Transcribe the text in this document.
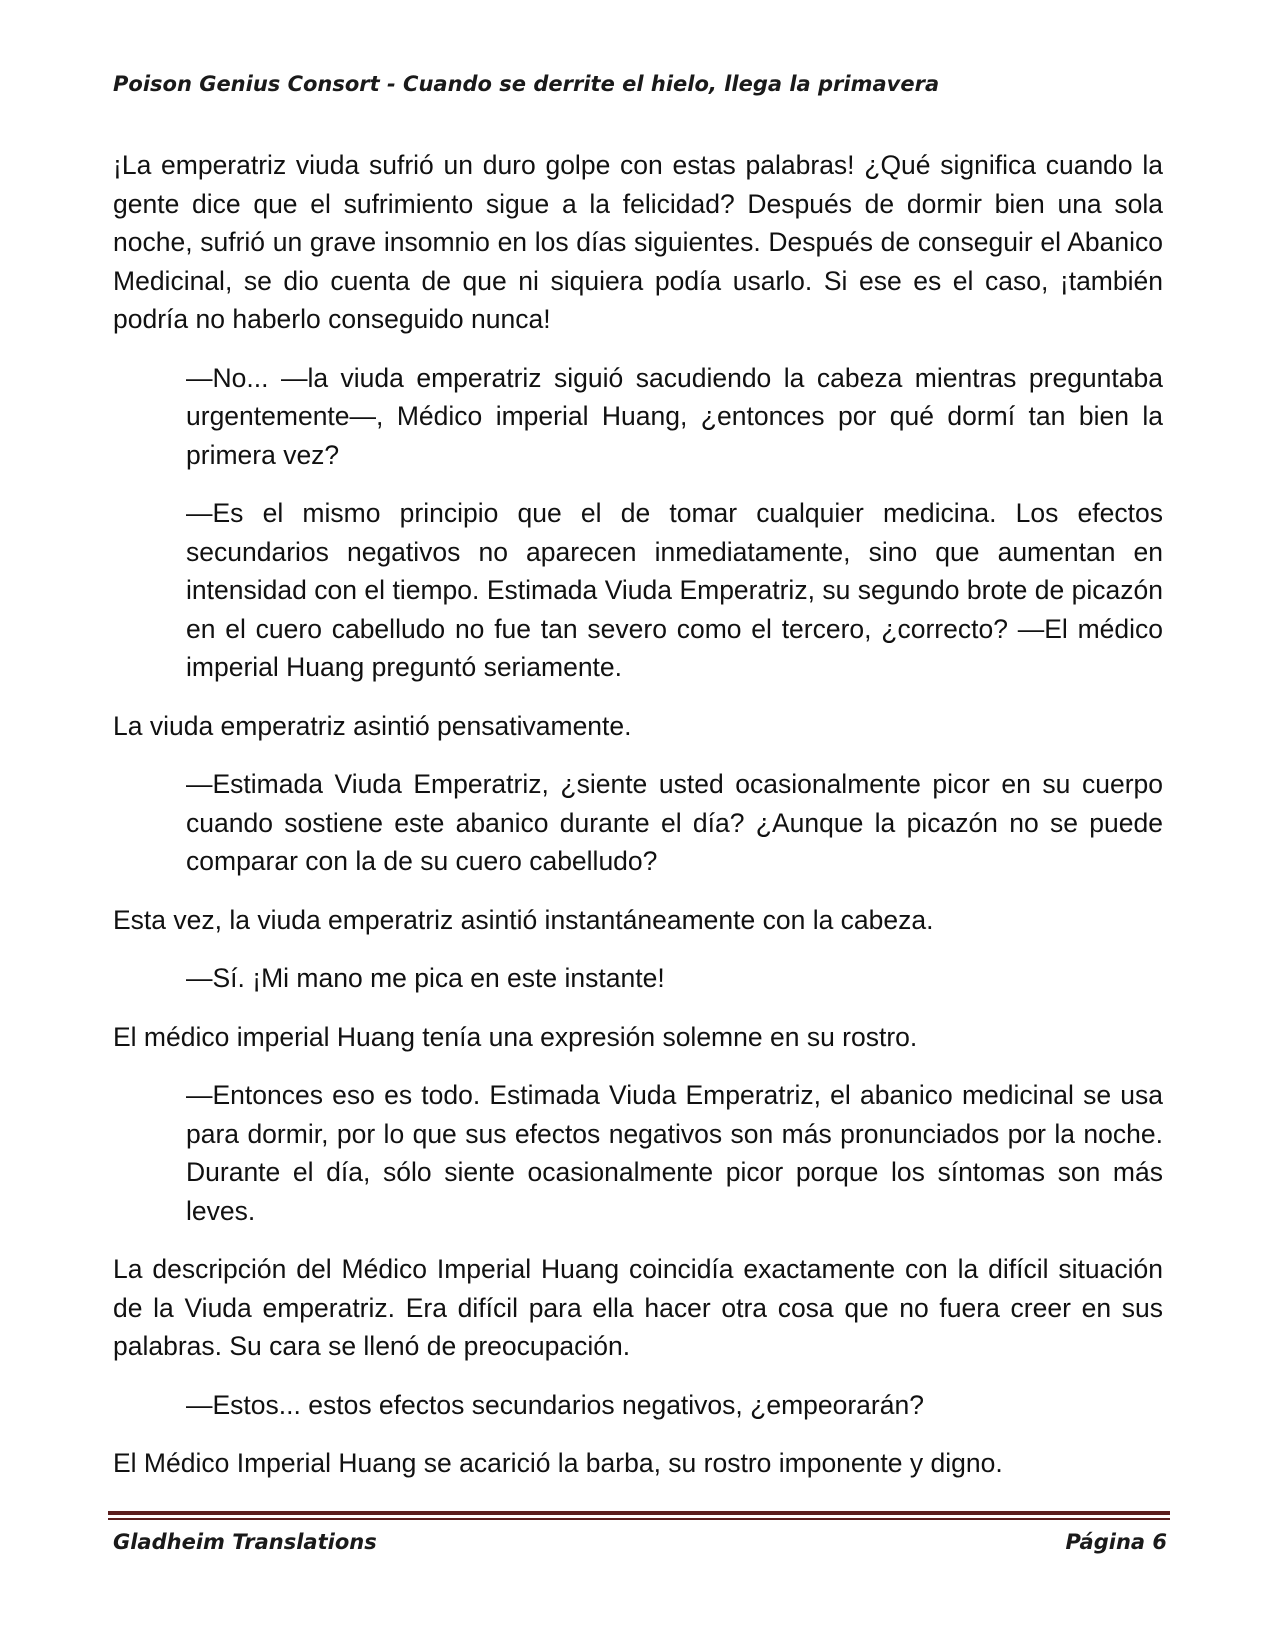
Poison Genius Consort - Cuando se derrite el hielo, llega la primavera

¡La emperatriz viuda sufrió un duro golpe con estas palabras! ¿Qué significa cuando la gente dice que el sufrimiento sigue a la felicidad? Después de dormir bien una sola noche, sufrió un grave insomnio en los días siguientes. Después de conseguir el Abanico Medicinal, se dio cuenta de que ni siquiera podía usarlo. Si ese es el caso, ¡también podría no haberlo conseguido nunca!

—No... —la viuda emperatriz siguió sacudiendo la cabeza mientras preguntaba urgentemente—, Médico imperial Huang, ¿entonces por qué dormí tan bien la primera vez?

—Es el mismo principio que el de tomar cualquier medicina. Los efectos secundarios negativos no aparecen inmediatamente, sino que aumentan en intensidad con el tiempo. Estimada Viuda Emperatriz, su segundo brote de picazón en el cuero cabelludo no fue tan severo como el tercero, ¿correcto? —El médico imperial Huang preguntó seriamente.

La viuda emperatriz asintió pensativamente.

—Estimada Viuda Emperatriz, ¿siente usted ocasionalmente picor en su cuerpo cuando sostiene este abanico durante el día? ¿Aunque la picazón no se puede comparar con la de su cuero cabelludo?

Esta vez, la viuda emperatriz asintió instantáneamente con la cabeza.

—Sí. ¡Mi mano me pica en este instante!

El médico imperial Huang tenía una expresión solemne en su rostro.

—Entonces eso es todo. Estimada Viuda Emperatriz, el abanico medicinal se usa para dormir, por lo que sus efectos negativos son más pronunciados por la noche. Durante el día, sólo siente ocasionalmente picor porque los síntomas son más leves.

La descripción del Médico Imperial Huang coincidía exactamente con la difícil situación de la Viuda emperatriz. Era difícil para ella hacer otra cosa que no fuera creer en sus palabras. Su cara se llenó de preocupación.

—Estos... estos efectos secundarios negativos, ¿empeorarán?

El Médico Imperial Huang se acarició la barba, su rostro imponente y digno.

Gladheim Translations	Página 6
